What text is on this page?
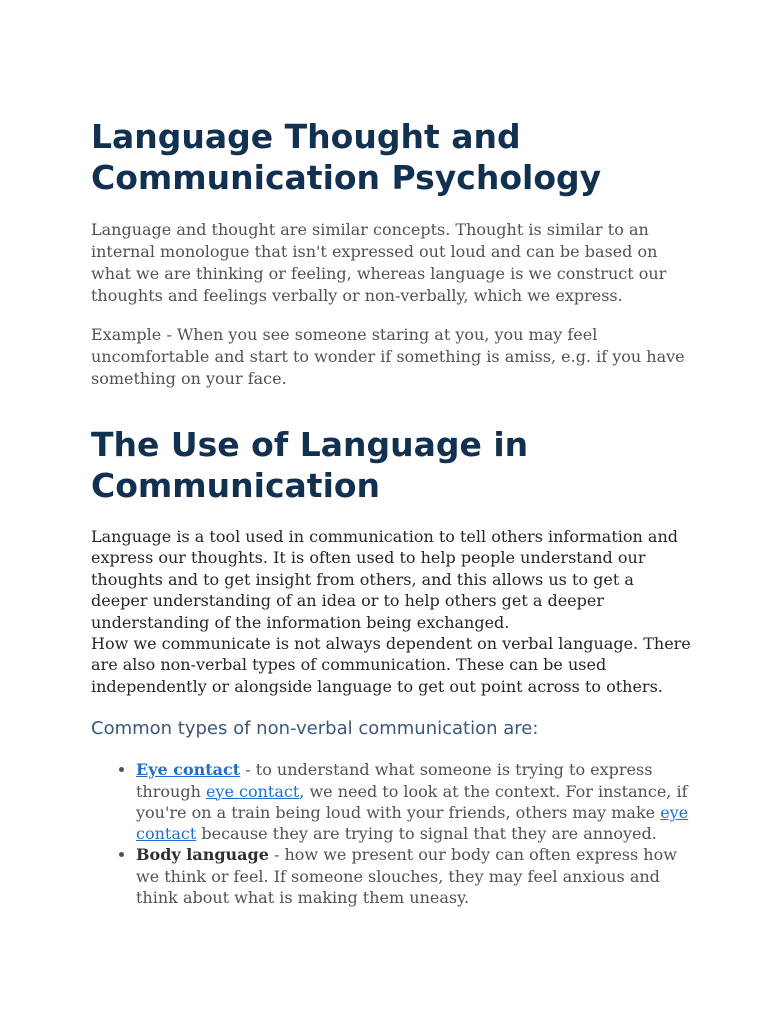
Language Thought and Communication Psychology

Language and thought are similar concepts. Thought is similar to an internal monologue that isn't expressed out loud and can be based on what we are thinking or feeling, whereas language is we construct our thoughts and feelings verbally or non-verbally, which we express.

Example - When you see someone staring at you, you may feel uncomfortable and start to wonder if something is amiss, e.g. if you have something on your face.

The Use of Language in Communication

Language is a tool used in communication to tell others information and express our thoughts. It is often used to help people understand our thoughts and to get insight from others, and this allows us to get a deeper understanding of an idea or to help others get a deeper understanding of the information being exchanged.

How we communicate is not always dependent on verbal language. There are also non-verbal types of communication. These can be used independently or alongside language to get out point across to others.

Common types of non-verbal communication are:
• Eye contact - to understand what someone is trying to express through eye contact, we need to look at the context. For instance, if you're on a train being loud with your friends, others may make eye contact because they are trying to signal that they are annoyed.
• Body language - how we present our body can often express how we think or feel. If someone slouches, they may feel anxious and think about what is making them uneasy.
